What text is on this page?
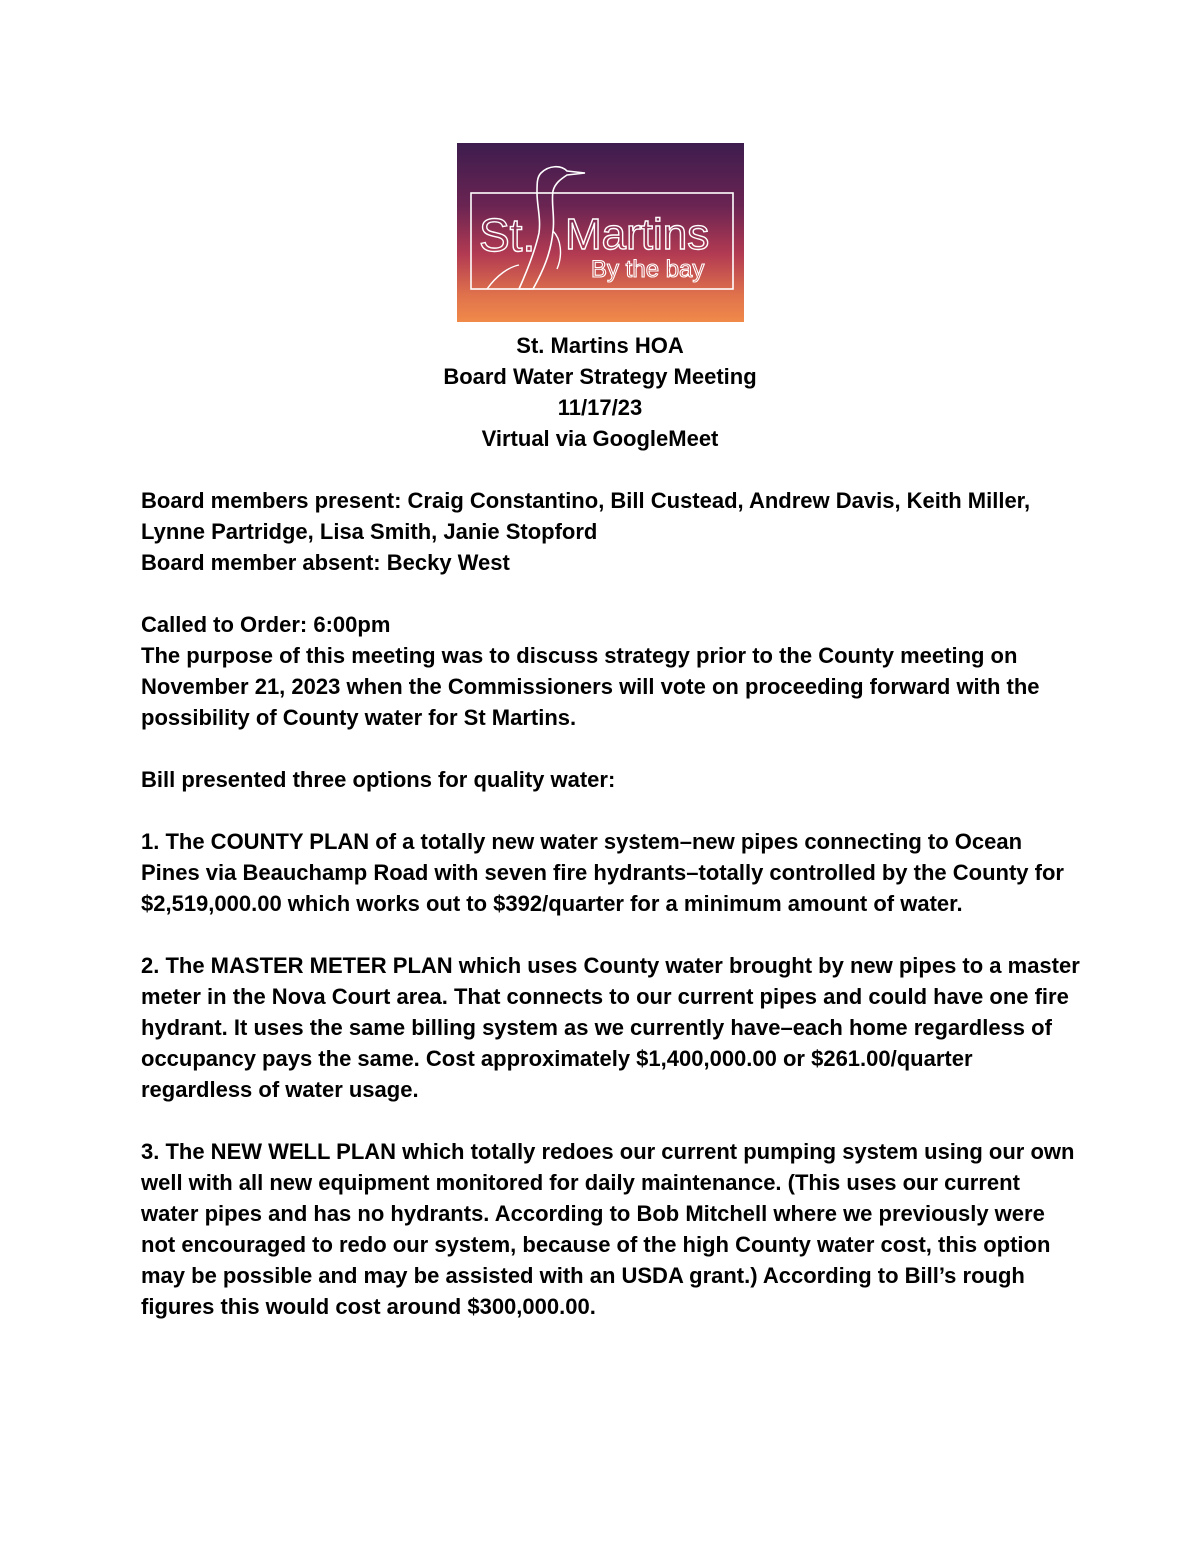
St. Martins
By the bay
St. Martins HOA
Board Water Strategy Meeting
11/17/23
Virtual via GoogleMeet

Board members present: Craig Constantino, Bill Custead, Andrew Davis, Keith Miller, Lynne Partridge, Lisa Smith, Janie Stopford

Board member absent: Becky West

Called to Order: 6:00pm

The purpose of this meeting was to discuss strategy prior to the County meeting on November 21, 2023 when the Commissioners will vote on proceeding forward with the possibility of County water for St Martins.

Bill presented three options for quality water:

1. The COUNTY PLAN of a totally new water system–new pipes connecting to Ocean Pines via Beauchamp Road with seven fire hydrants–totally controlled by the County for $2,519,000.00 which works out to $392/quarter for a minimum amount of water.

2. The MASTER METER PLAN which uses County water brought by new pipes to a master meter in the Nova Court area. That connects to our current pipes and could have one fire hydrant. It uses the same billing system as we currently have–each home regardless of occupancy pays the same. Cost approximately $1,400,000.00 or $261.00/quarter regardless of water usage.

3. The NEW WELL PLAN which totally redoes our current pumping system using our own well with all new equipment monitored for daily maintenance. (This uses our current water pipes and has no hydrants. According to Bob Mitchell where we previously were not encouraged to redo our system, because of the high County water cost, this option may be possible and may be assisted with an USDA grant.) According to Bill’s rough figures this would cost around $300,000.00.
